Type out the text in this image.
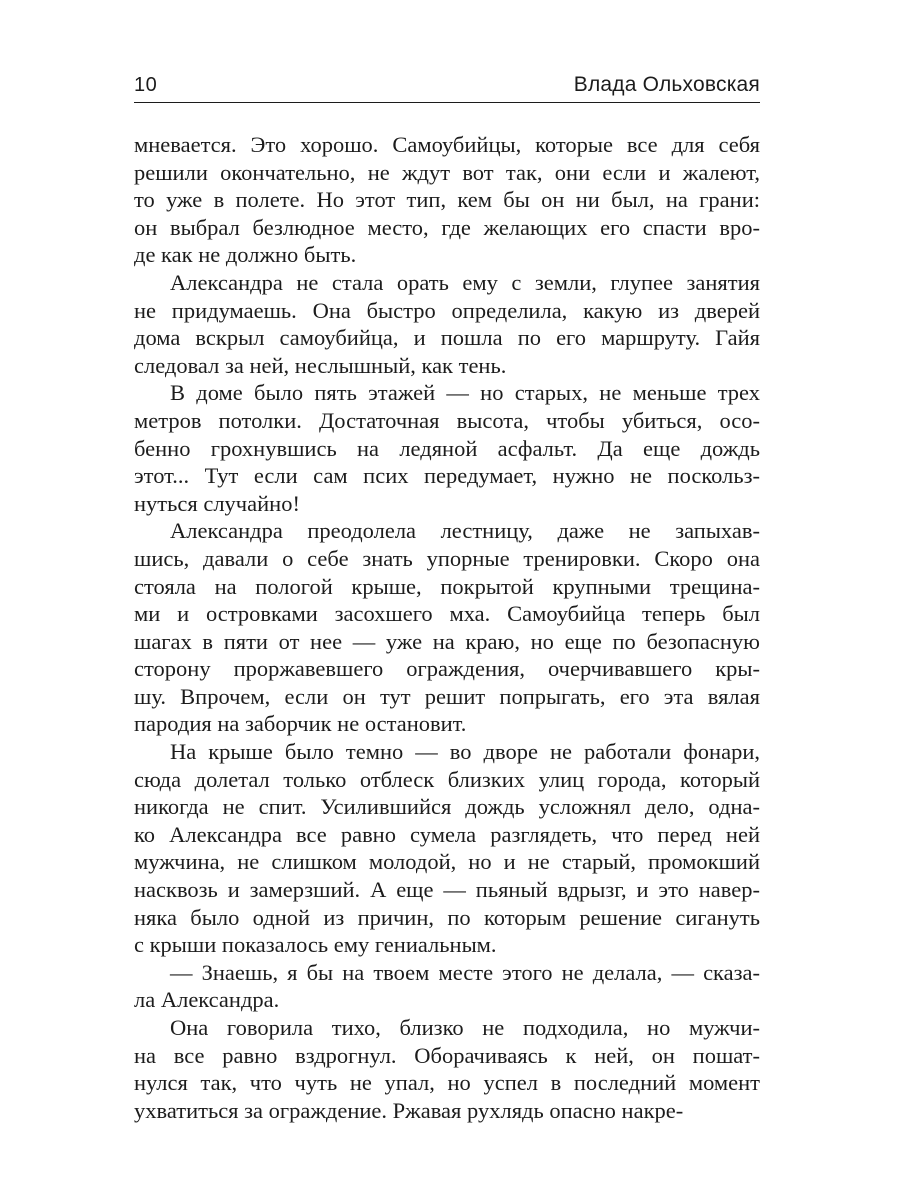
10	Влада Ольховская
мневается. Это хорошо. Самоубийцы, которые все для себя
решили окончательно, не ждут вот так, они если и жалеют,
то уже в полете. Но этот тип, кем бы он ни был, на грани:
он выбрал безлюдное место, где желающих его спасти вро-
де как не должно быть.
Александра не стала орать ему с земли, глупее занятия
не придумаешь. Она быстро определила, какую из дверей
дома вскрыл самоубийца, и пошла по его маршруту. Гайя
следовал за ней, неслышный, как тень.
В доме было пять этажей — но старых, не меньше трех
метров потолки. Достаточная высота, чтобы убиться, осо-
бенно грохнувшись на ледяной асфальт. Да еще дождь
этот... Тут если сам псих передумает, нужно не поскольз-
нуться случайно!
Александра преодолела лестницу, даже не запыхав-
шись, давали о себе знать упорные тренировки. Скоро она
стояла на пологой крыше, покрытой крупными трещина-
ми и островками засохшего мха. Самоубийца теперь был
шагах в пяти от нее — уже на краю, но еще по безопасную
сторону проржавевшего ограждения, очерчивавшего кры-
шу. Впрочем, если он тут решит попрыгать, его эта вялая
пародия на заборчик не остановит.
На крыше было темно — во дворе не работали фонари,
сюда долетал только отблеск близких улиц города, который
никогда не спит. Усилившийся дождь усложнял дело, одна-
ко Александра все равно сумела разглядеть, что перед ней
мужчина, не слишком молодой, но и не старый, промокший
насквозь и замерзший. А еще — пьяный вдрызг, и это навер-
няка было одной из причин, по которым решение сигануть
с крыши показалось ему гениальным.
— Знаешь, я бы на твоем месте этого не делала, — сказа-
ла Александра.
Она говорила тихо, близко не подходила, но мужчи-
на все равно вздрогнул. Оборачиваясь к ней, он пошат-
нулся так, что чуть не упал, но успел в последний момент
ухватиться за ограждение. Ржавая рухлядь опасно накре-
